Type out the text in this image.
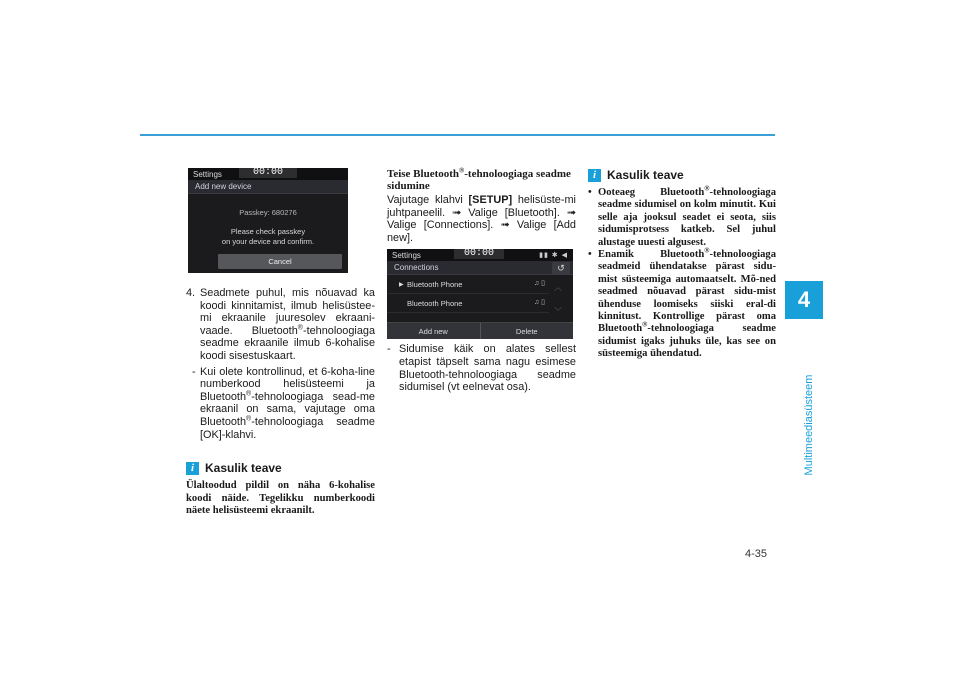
4
Multimeediasüsteem
4-35
Settings	00:00
Add new device
Passkey: 680276
Please check passkey
on your device and confirm.
Cancel
4. Seadmete puhul, mis nõuavad ka koodi kinnitamist, ilmub helisüstee-mi ekraanile juuresolev ekraani-vaade. Bluetooth®-tehnoloogiaga seadme ekraanile ilmub 6-kohalise koodi sisestuskaart.
- Kui olete kontrollinud, et 6-koha-line numberkood helisüsteemi ja Bluetooth®-tehnoloogiaga sead-me ekraanil on sama, vajutage oma Bluetooth®-tehnoloogiaga seadme [OK]-klahvi.
i Kasulik teave
Ülaltoodud pildil on näha 6-kohalise koodi näide. Tegelikku numberkoodi näete helisüsteemi ekraanilt.
Teise Bluetooth®-tehnoloogiaga seadme sidumine
Vajutage klahvi [SETUP] helisüste-mi juhtpaneelil. ➟ Valige [Bluetooth]. ➟ Valige [Connections]. ➟ Valige [Add new].
Settings	00:00	▮▮ ✱ ◀
Connections	↺
▶ Bluetooth Phone	♫ ▯
Bluetooth Phone	♫ ▯
︿
﹀
Add new	Delete
- Sidumise käik on alates sellest etapist täpselt sama nagu esimese Bluetooth-tehnoloogiaga seadme sidumisel (vt eelnevat osa).
i Kasulik teave
• Ooteaeg Bluetooth®-tehnoloogiaga seadme sidumisel on kolm minutit. Kui selle aja jooksul seadet ei seota, siis sidumisprotsess katkeb. Sel juhul alustage uuesti algusest.
• Enamik Bluetooth®-tehnoloogiaga seadmeid ühendatakse pärast sidu-mist süsteemiga automaatselt. Mõ-ned seadmed nõuavad pärast sidu-mist ühenduse loomiseks siiski eral-di kinnitust. Kontrollige pärast oma Bluetooth®-tehnoloogiaga seadme sidumist igaks juhuks üle, kas see on süsteemiga ühendatud.
